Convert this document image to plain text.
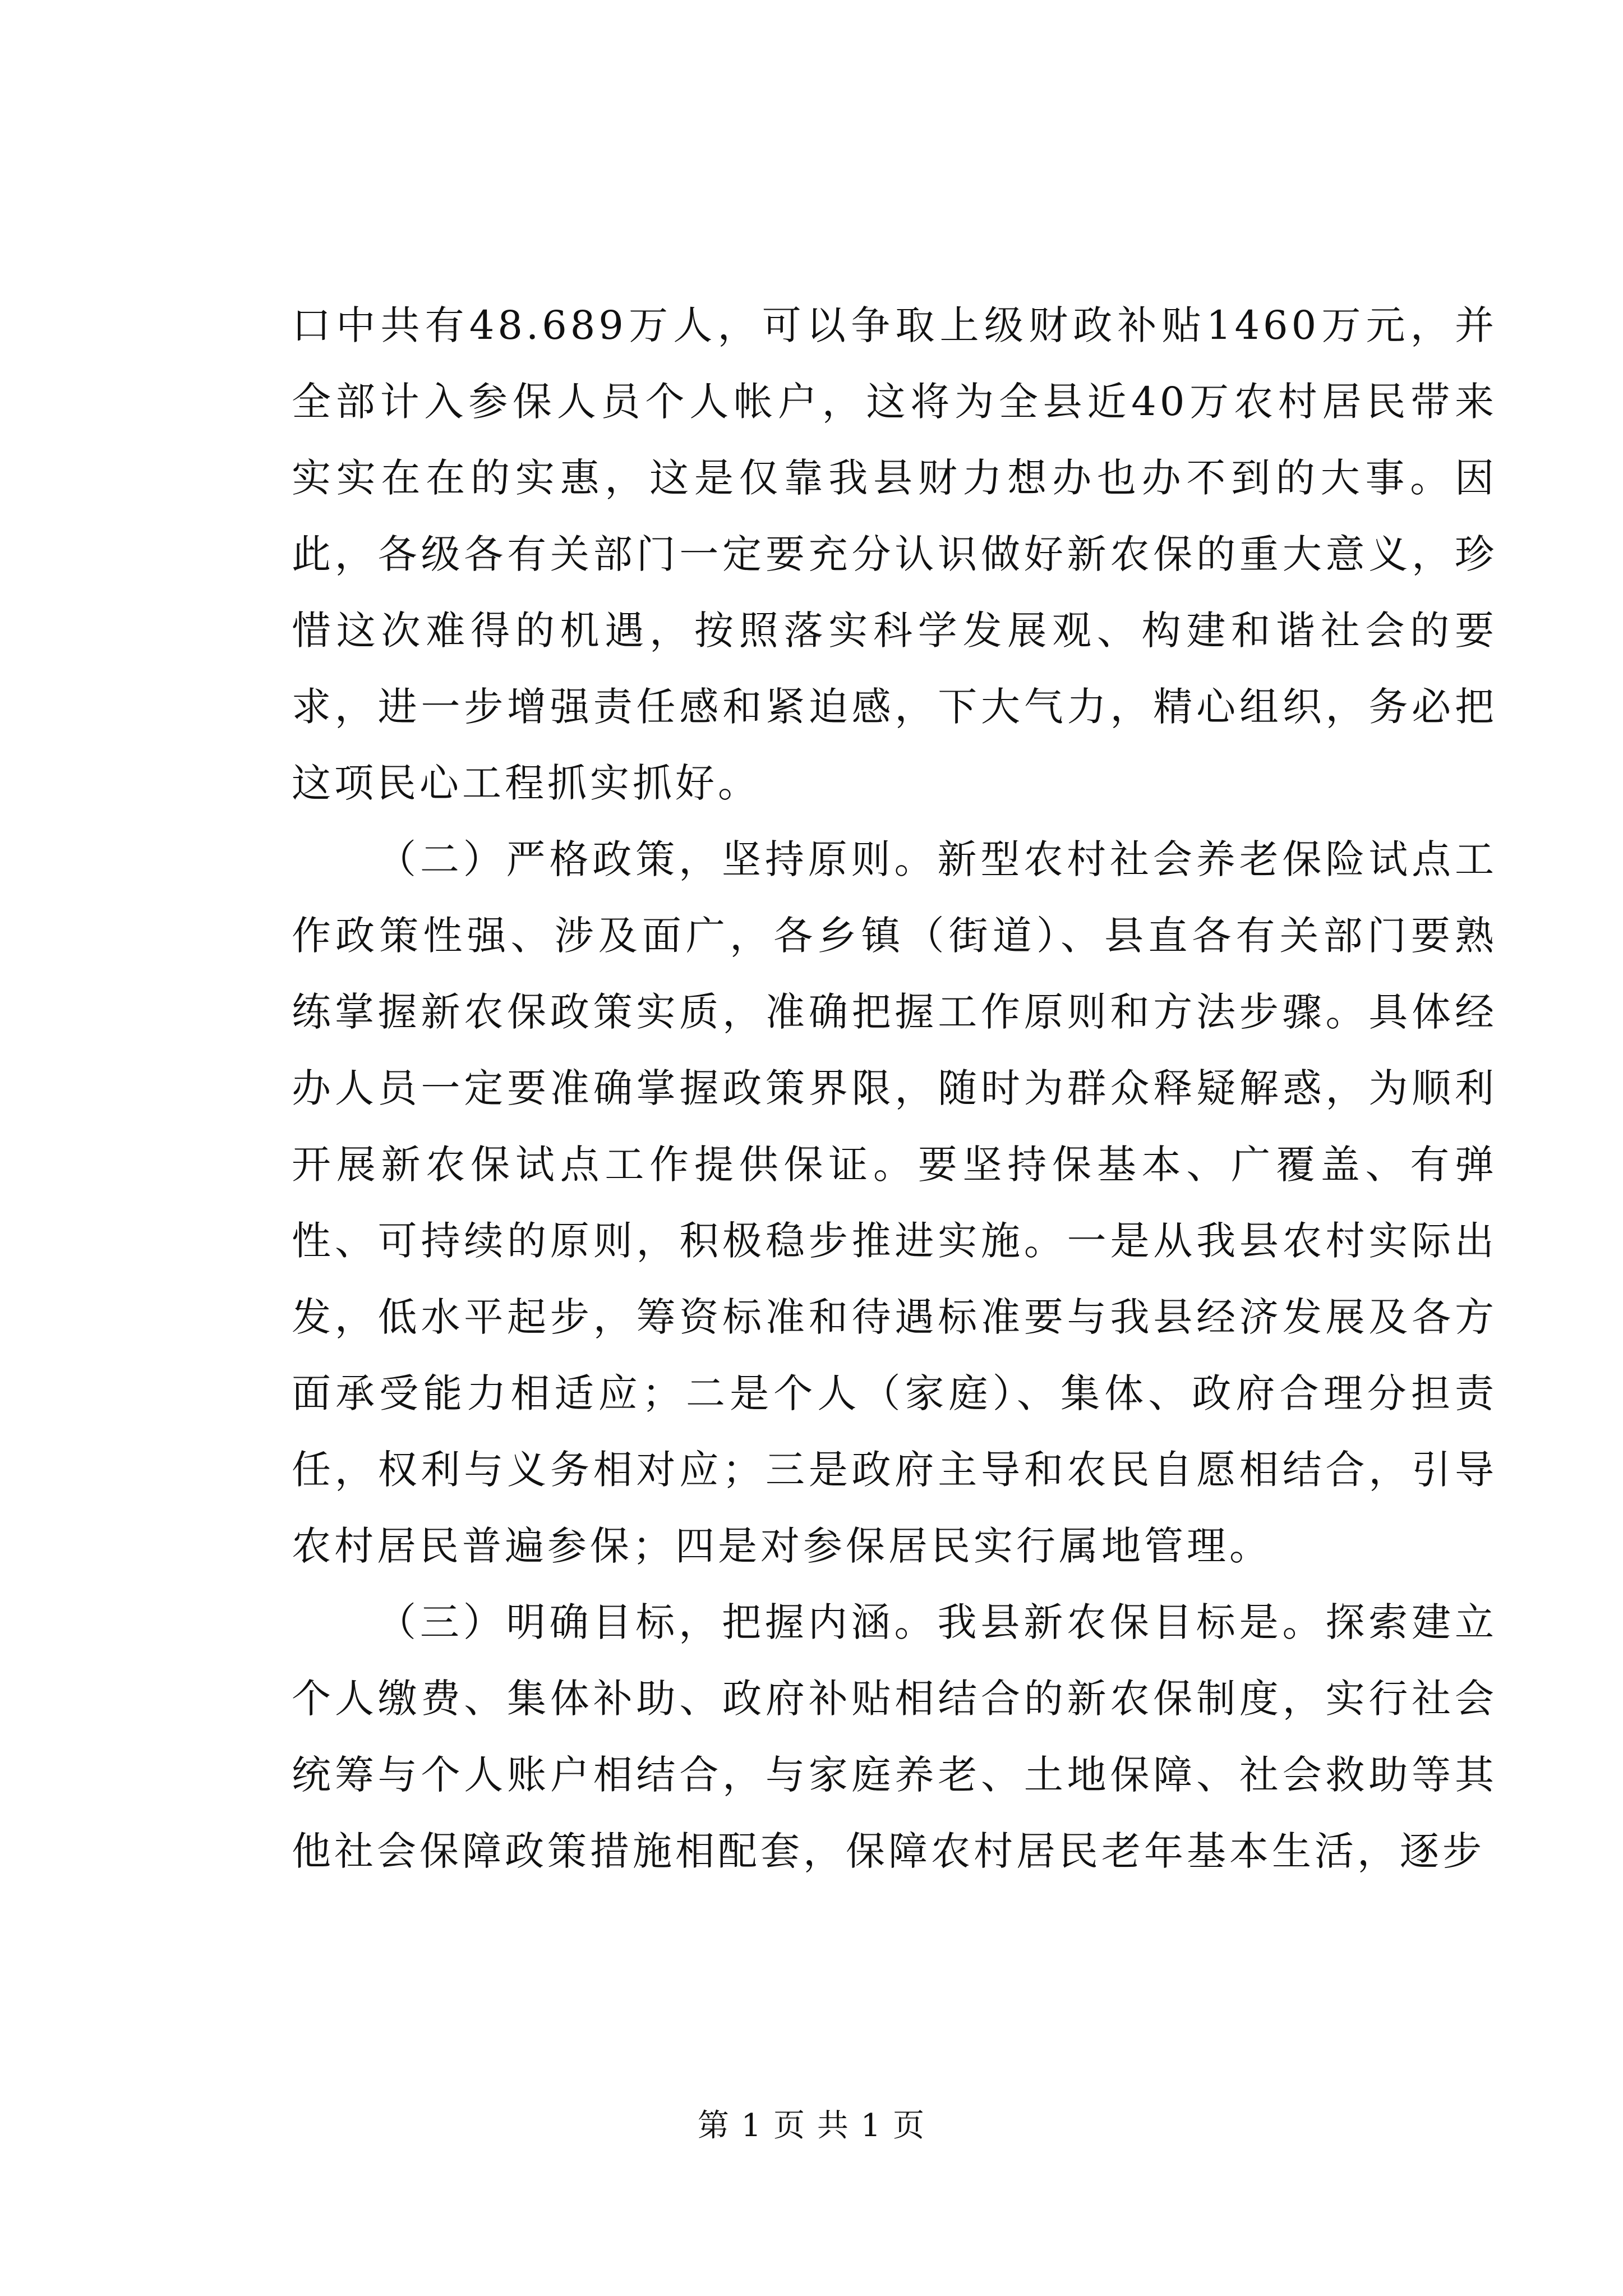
口中共有48.689万人，可以争取上级财政补贴1460万元，并全部计入参保人员个人帐户，这将为全县近40万农村居民带来实实在在的实惠，这是仅靠我县财力想办也办不到的大事。因此，各级各有关部门一定要充分认识做好新农保的重大意义，珍惜这次难得的机遇，按照落实科学发展观、构建和谐社会的要求，进一步增强责任感和紧迫感，下大气力，精心组织，务必把这项民心工程抓实抓好。

（二）严格政策，坚持原则。新型农村社会养老保险试点工作政策性强、涉及面广，各乡镇（街道）、县直各有关部门要熟练掌握新农保政策实质，准确把握工作原则和方法步骤。具体经办人员一定要准确掌握政策界限，随时为群众释疑解惑，为顺利开展新农保试点工作提供保证。要坚持保基本、广覆盖、有弹性、可持续的原则，积极稳步推进实施。一是从我县农村实际出发，低水平起步，筹资标准和待遇标准要与我县经济发展及各方面承受能力相适应；二是个人（家庭）、集体、政府合理分担责任，权利与义务相对应；三是政府主导和农民自愿相结合，引导农村居民普遍参保；四是对参保居民实行属地管理。

（三）明确目标，把握内涵。我县新农保目标是。探索建立个人缴费、集体补助、政府补贴相结合的新农保制度，实行社会统筹与个人账户相结合，与家庭养老、土地保障、社会救助等其他社会保障政策措施相配套，保障农村居民老年基本生活，逐步

第 1 页 共 1 页
